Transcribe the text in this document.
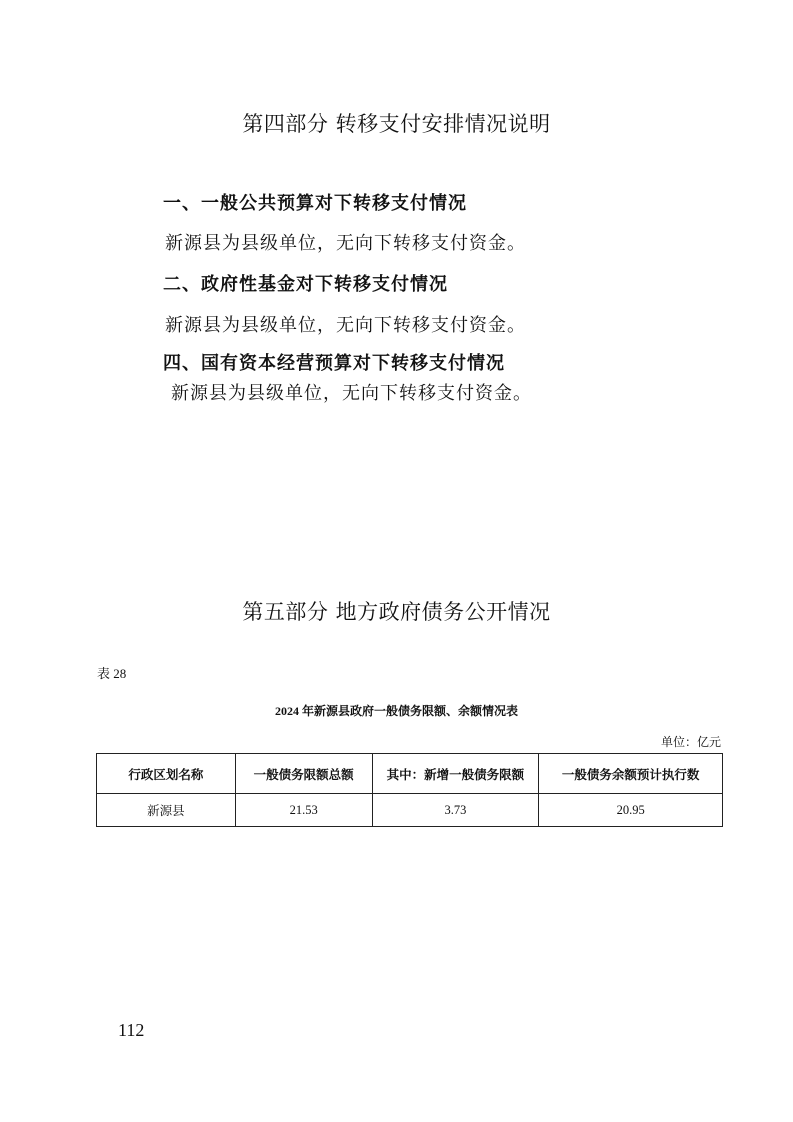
第四部分 转移支付安排情况说明
一、一般公共预算对下转移支付情况
新源县为县级单位，无向下转移支付资金。
二、政府性基金对下转移支付情况
新源县为县级单位，无向下转移支付资金。
四、国有资本经营预算对下转移支付情况
新源县为县级单位，无向下转移支付资金。
第五部分 地方政府债务公开情况
表 28
2024 年新源县政府一般债务限额、余额情况表
单位：亿元
行政区划名称	一般债务限额总额	其中：新增一般债务限额	一般债务余额预计执行数
新源县	21.53	3.73	20.95
112
